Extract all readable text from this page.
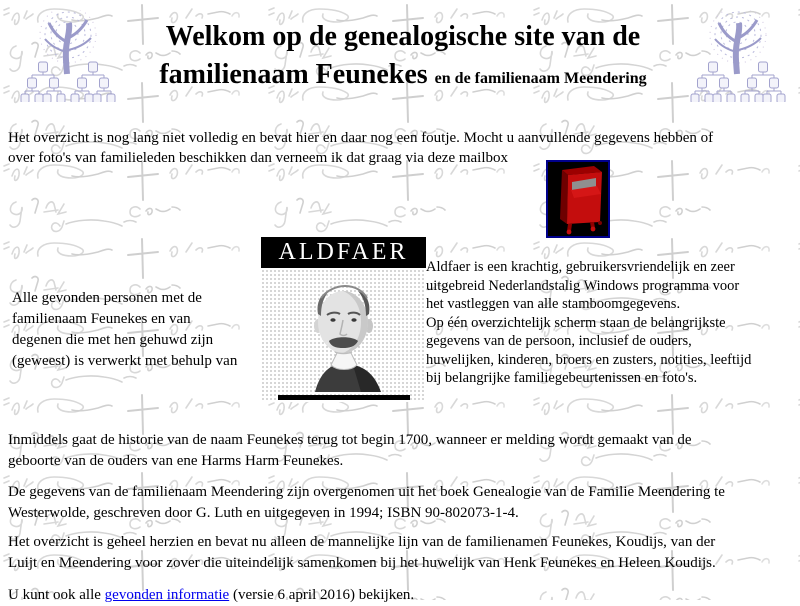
Welkom op de genealogische site van de
familienaam Feunekes en de familienaam Meendering

Het overzicht is nog lang niet volledig en bevat hier en daar nog een foutje. Mocht u aanvullende gegevens hebben of
over foto's van familieleden beschikken dan verneem ik dat graag via deze mailbox

Alle gevonden personen met de
familienaam Feunekes en van
degenen die met hen gehuwd zijn
(geweest) is verwerkt met behulp van

ALDFAER

Aldfaer is een krachtig, gebruikersvriendelijk en zeer
uitgebreid Nederlandstalig Windows programma voor
het vastleggen van alle stamboomgegevens.
Op één overzichtelijk scherm staan de belangrijkste
gegevens van de persoon, inclusief de ouders,
huwelijken, kinderen, broers en zusters, notities, leeftijd
bij belangrijke familiegebeurtenissen en foto's.

Inmiddels gaat de historie van de naam Feunekes terug tot begin 1700, wanneer er melding wordt gemaakt van de
geboorte van de ouders van ene Harms Harm Feunekes.

De gegevens van de familienaam Meendering zijn overgenomen uit het boek Genealogie van de Familie Meendering te
Westerwolde, geschreven door G. Luth en uitgegeven in 1994; ISBN 90-802073-1-4.

Het overzicht is geheel herzien en bevat nu alleen de mannelijke lijn van de familienamen Feunekes, Koudijs, van der
Luijt en Meendering voor zover die uiteindelijk samenkomen bij het huwelijk van Henk Feunekes en Heleen Koudijs.

U kunt ook alle gevonden informatie (versie 6 april 2016) bekijken.
